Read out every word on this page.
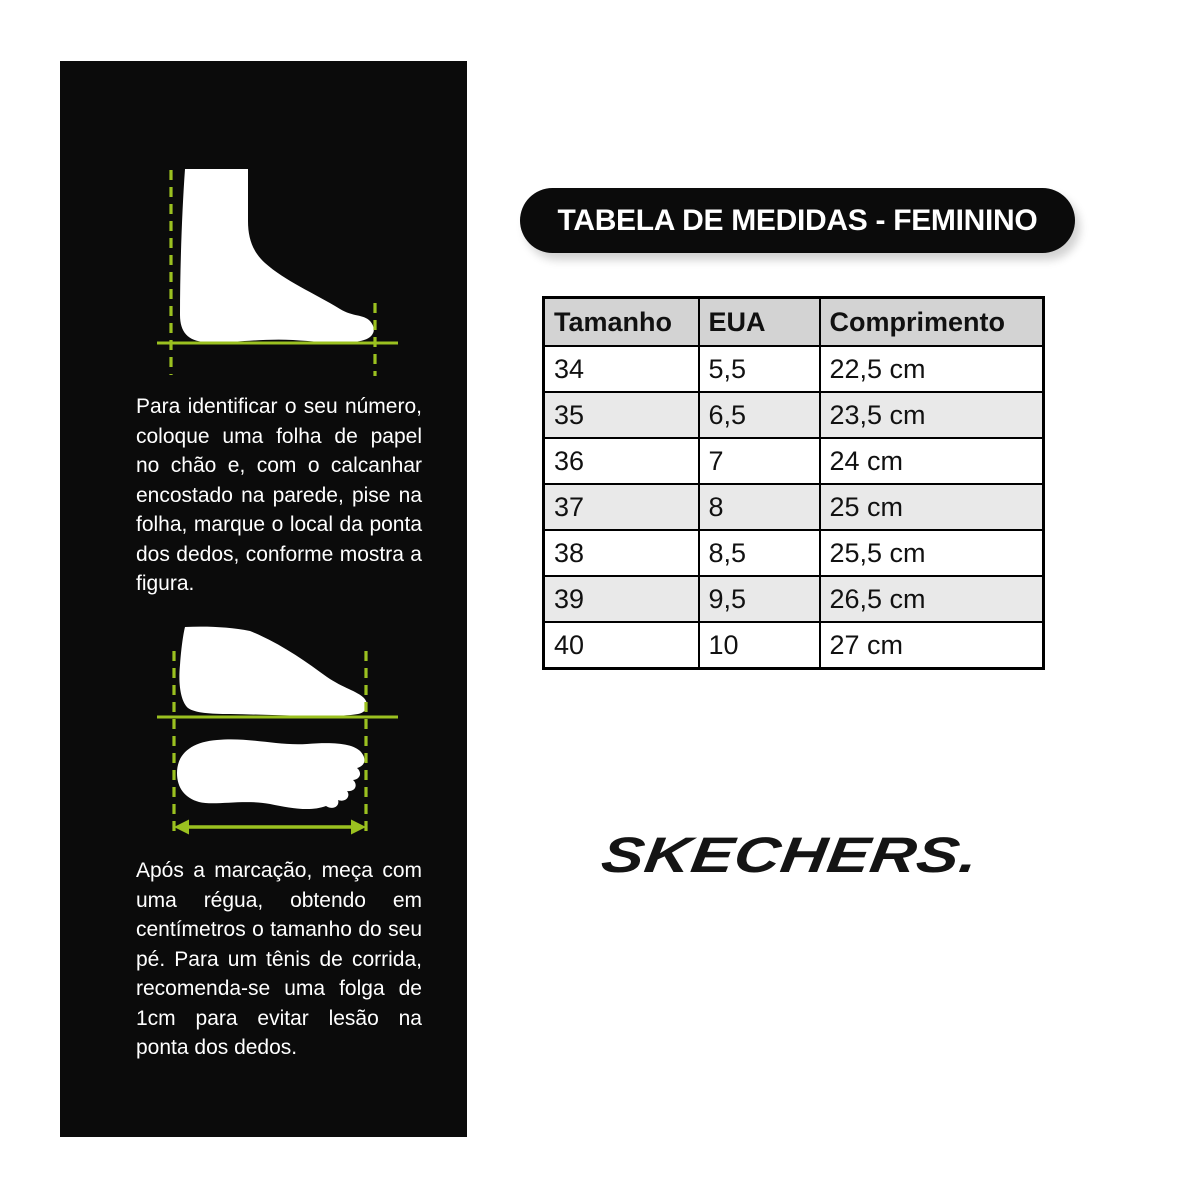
Para identificar o seu número, coloque uma folha de papel no chão e, com o calcanhar encostado na parede, pise na folha, marque o local da ponta dos dedos, conforme mostra a figura.

Após a marcação, meça com uma régua, obtendo em centímetros o tamanho do seu pé. Para um tênis de corrida, recomenda-se uma folga de 1cm para evitar lesão na ponta dos dedos.

TABELA DE MEDIDAS - FEMININO
Tamanho	EUA	Comprimento
34	5,5	22,5 cm
35	6,5	23,5 cm
36	7	24 cm
37	8	25 cm
38	8,5	25,5 cm
39	9,5	26,5 cm
40	10	27 cm
SKECHERS.
